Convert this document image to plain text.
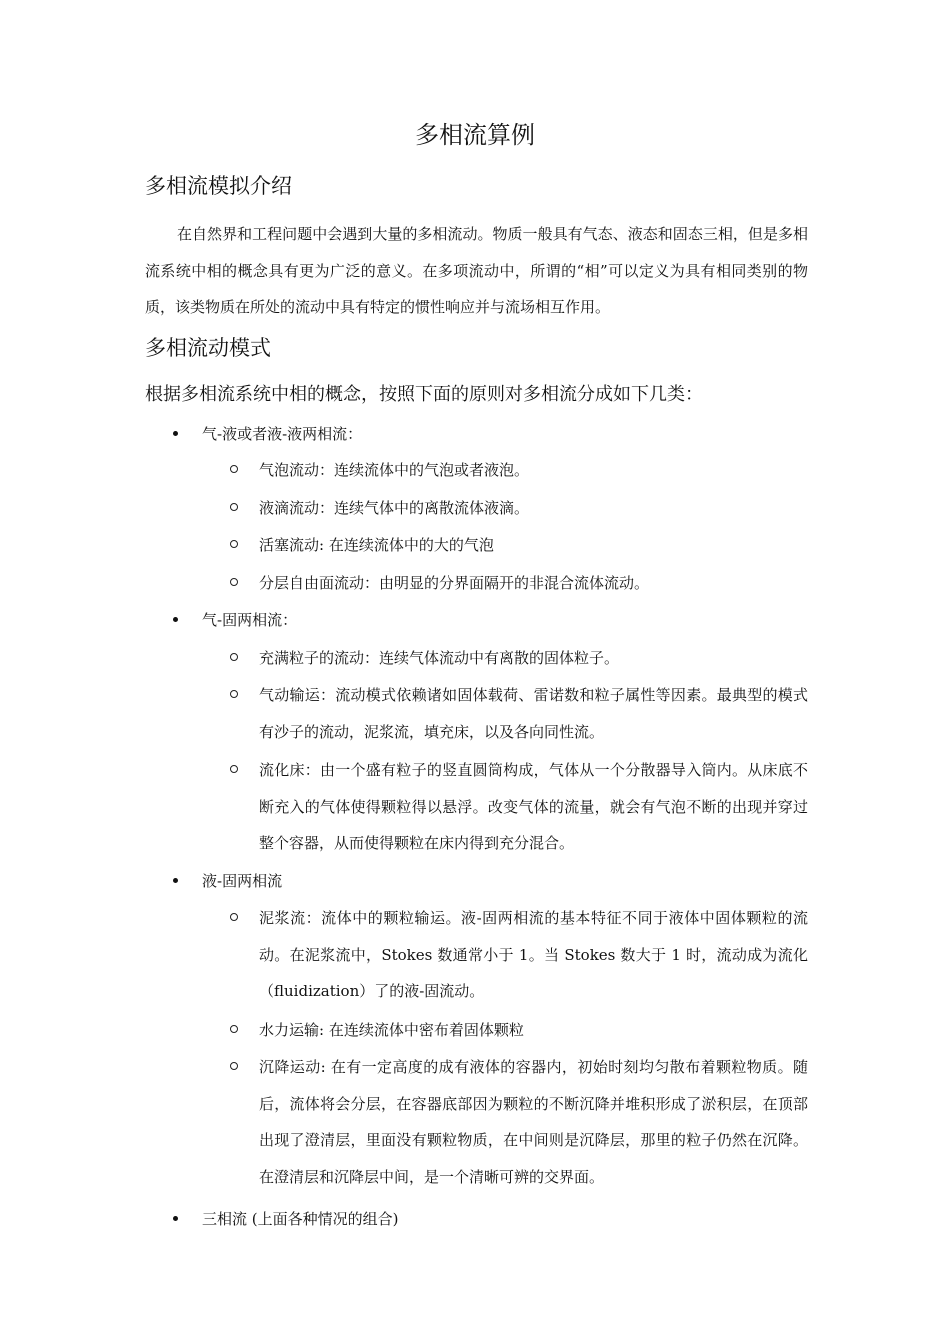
多相流算例
多相流模拟介绍
在自然界和工程问题中会遇到大量的多相流动。物质一般具有气态、液态和固态三相，但是多相流系统中相的概念具有更为广泛的意义。在多项流动中，所谓的“相”可以定义为具有相同类别的物质，该类物质在所处的流动中具有特定的惯性响应并与流场相互作用。
多相流动模式
根据多相流系统中相的概念，按照下面的原则对多相流分成如下几类：
气-液或者液-液两相流：
气泡流动：连续流体中的气泡或者液泡。
液滴流动：连续气体中的离散流体液滴。
活塞流动: 在连续流体中的大的气泡
分层自由面流动：由明显的分界面隔开的非混合流体流动。
气-固两相流：
充满粒子的流动：连续气体流动中有离散的固体粒子。
气动输运：流动模式依赖诸如固体载荷、雷诺数和粒子属性等因素。最典型的模式有沙子的流动，泥浆流，填充床，以及各向同性流。
流化床：由一个盛有粒子的竖直圆筒构成，气体从一个分散器导入筒内。从床底不断充入的气体使得颗粒得以悬浮。改变气体的流量，就会有气泡不断的出现并穿过整个容器，从而使得颗粒在床内得到充分混合。
液-固两相流
泥浆流：流体中的颗粒输运。液-固两相流的基本特征不同于液体中固体颗粒的流动。在泥浆流中，Stokes 数通常小于 1。当 Stokes 数大于 1 时，流动成为流化（fluidization）了的液-固流动。
水力运输: 在连续流体中密布着固体颗粒
沉降运动: 在有一定高度的成有液体的容器内，初始时刻均匀散布着颗粒物质。随后，流体将会分层，在容器底部因为颗粒的不断沉降并堆积形成了淤积层，在顶部出现了澄清层，里面没有颗粒物质，在中间则是沉降层，那里的粒子仍然在沉降。在澄清层和沉降层中间，是一个清晰可辨的交界面。
三相流 (上面各种情况的组合)
